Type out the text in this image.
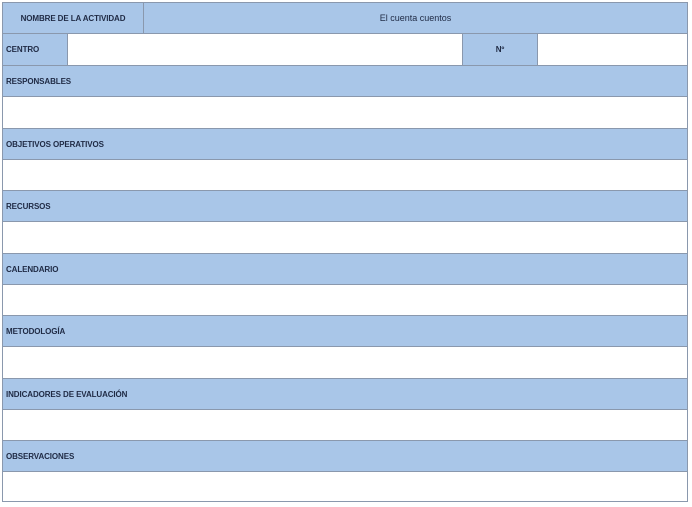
NOMBRE DE LA ACTIVIDAD	El cuenta cuentos
CENTRO	Nº
RESPONSABLES
OBJETIVOS OPERATIVOS
RECURSOS
CALENDARIO
METODOLOGÍA
INDICADORES DE EVALUACIÓN
OBSERVACIONES
